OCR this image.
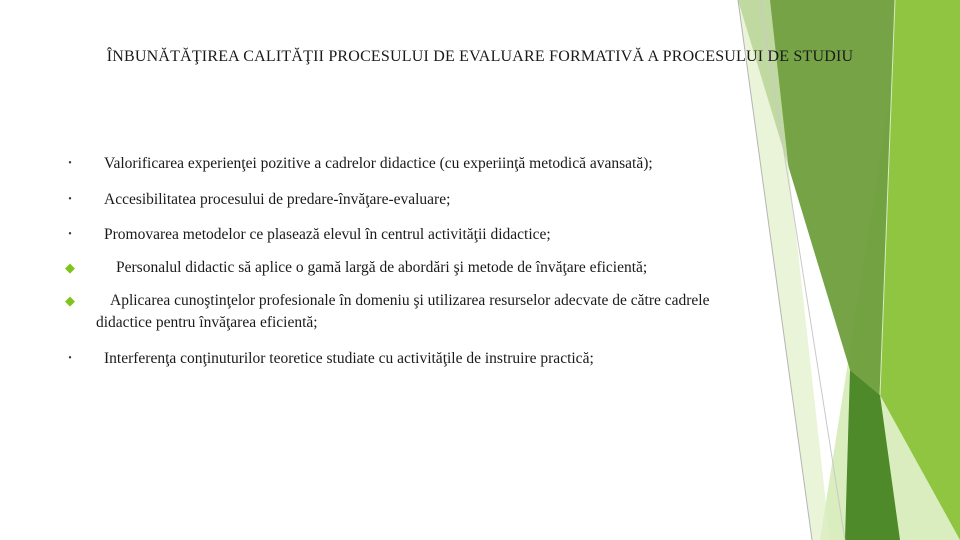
ÎNBUNĂTĂŢIREA CALITĂŢII PROCESULUI DE EVALUARE FORMATIVĂ A PROCESULUI DE STUDIU
•	Valorificarea experienţei pozitive a cadrelor didactice (cu experiinţă metodică avansată);
•	Accesibilitatea procesului de predare-învăţare-evaluare;
•	Promovarea metodelor ce plasează elevul în centrul activităţii didactice;
◆	Personalul didactic să aplice o gamă largă de abordări şi metode de învăţare eficientă;
◆	Aplicarea cunoştinţelor profesionale în domeniu şi utilizarea resurselor adecvate de către cadrele
didactice pentru învăţarea eficientă;
•	Interferenţa conţinuturilor teoretice studiate cu activităţile de instruire practică;
